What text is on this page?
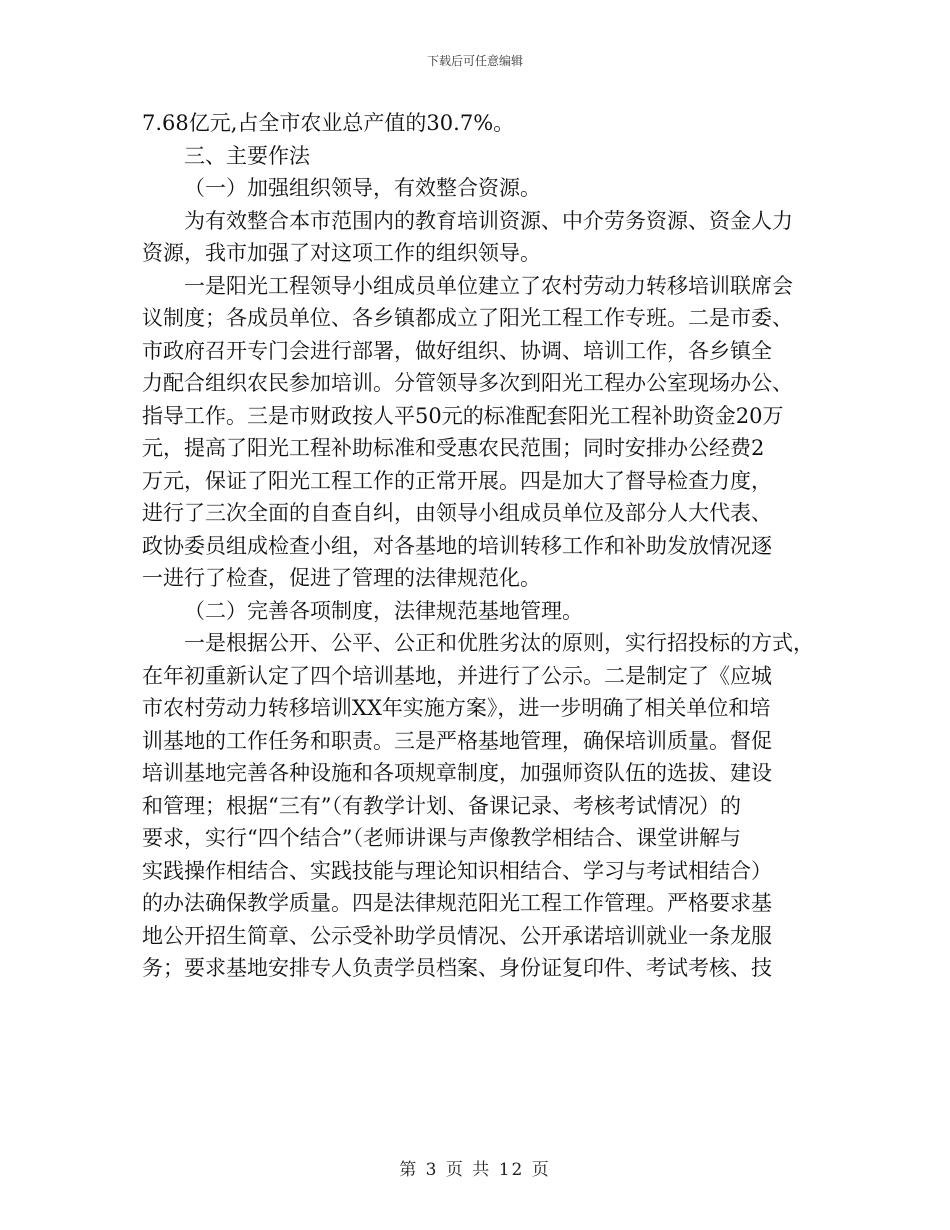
下载后可任意编辑
7.68亿元,占全市农业总产值的30.7%。
三、主要作法
（一）加强组织领导，有效整合资源。
为有效整合本市范围内的教育培训资源、中介劳务资源、资金人力
资源，我市加强了对这项工作的组织领导。
一是阳光工程领导小组成员单位建立了农村劳动力转移培训联席会
议制度；各成员单位、各乡镇都成立了阳光工程工作专班。二是市委、
市政府召开专门会进行部署，做好组织、协调、培训工作，各乡镇全
力配合组织农民参加培训。分管领导多次到阳光工程办公室现场办公、
指导工作。三是市财政按人平50元的标准配套阳光工程补助资金20万
元，提高了阳光工程补助标准和受惠农民范围；同时安排办公经费2
万元，保证了阳光工程工作的正常开展。四是加大了督导检查力度，
进行了三次全面的自查自纠，由领导小组成员单位及部分人大代表、
政协委员组成检查小组，对各基地的培训转移工作和补助发放情况逐
一进行了检查，促进了管理的法律规范化。
（二）完善各项制度，法律规范基地管理。
一是根据公开、公平、公正和优胜劣汰的原则，实行招投标的方式，
在年初重新认定了四个培训基地，并进行了公示。二是制定了《应城
市农村劳动力转移培训XX年实施方案》，进一步明确了相关单位和培
训基地的工作任务和职责。三是严格基地管理，确保培训质量。督促
培训基地完善各种设施和各项规章制度，加强师资队伍的选拔、建设
和管理；根据“三有”（有教学计划、备课记录、考核考试情况）的
要求，实行“四个结合”（老师讲课与声像教学相结合、课堂讲解与
实践操作相结合、实践技能与理论知识相结合、学习与考试相结合）
的办法确保教学质量。四是法律规范阳光工程工作管理。严格要求基
地公开招生简章、公示受补助学员情况、公开承诺培训就业一条龙服
务；要求基地安排专人负责学员档案、身份证复印件、考试考核、技
第 3 页 共 12 页
